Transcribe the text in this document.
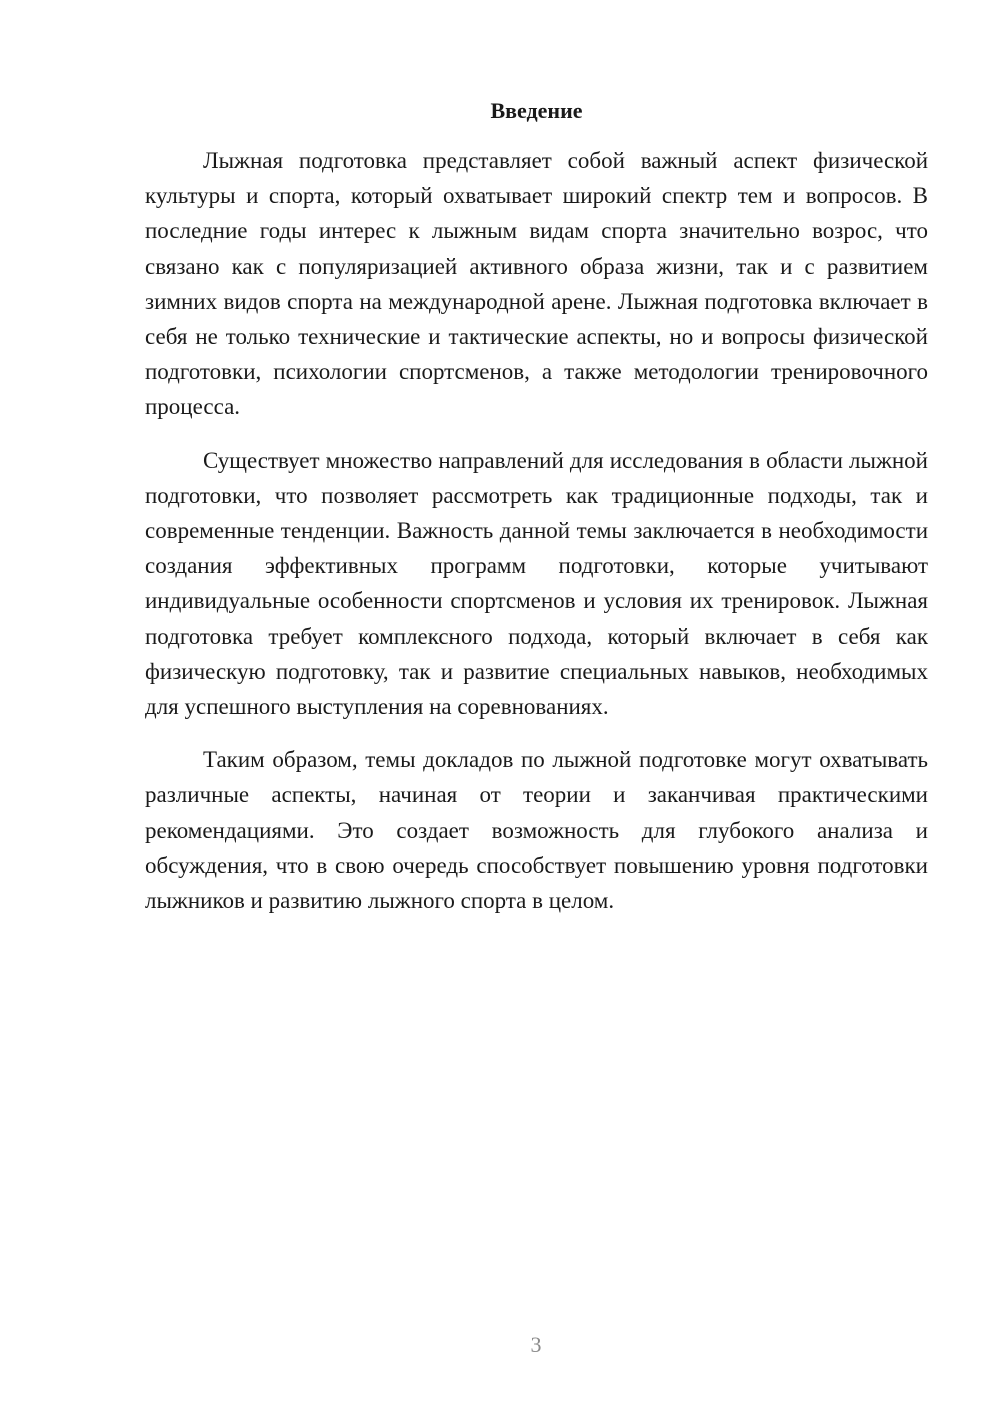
Введение

Лыжная подготовка представляет собой важный аспект физической культуры и спорта, который охватывает широкий спектр тем и вопросов. В последние годы интерес к лыжным видам спорта значительно возрос, что связано как с популяризацией активного образа жизни, так и с развитием зимних видов спорта на международной арене. Лыжная подготовка включает в себя не только технические и тактические аспекты, но и вопросы физической подготовки, психологии спортсменов, а также методологии тренировочного процесса.

Существует множество направлений для исследования в области лыжной подготовки, что позволяет рассмотреть как традиционные подходы, так и современные тенденции. Важность данной темы заключается в необходимости создания эффективных программ подготовки, которые учитывают индивидуальные особенности спортсменов и условия их тренировок. Лыжная подготовка требует комплексного подхода, который включает в себя как физическую подготовку, так и развитие специальных навыков, необходимых для успешного выступления на соревнованиях.

Таким образом, темы докладов по лыжной подготовке могут охватывать различные аспекты, начиная от теории и заканчивая практическими рекомендациями. Это создает возможность для глубокого анализа и обсуждения, что в свою очередь способствует повышению уровня подготовки лыжников и развитию лыжного спорта в целом.

3
